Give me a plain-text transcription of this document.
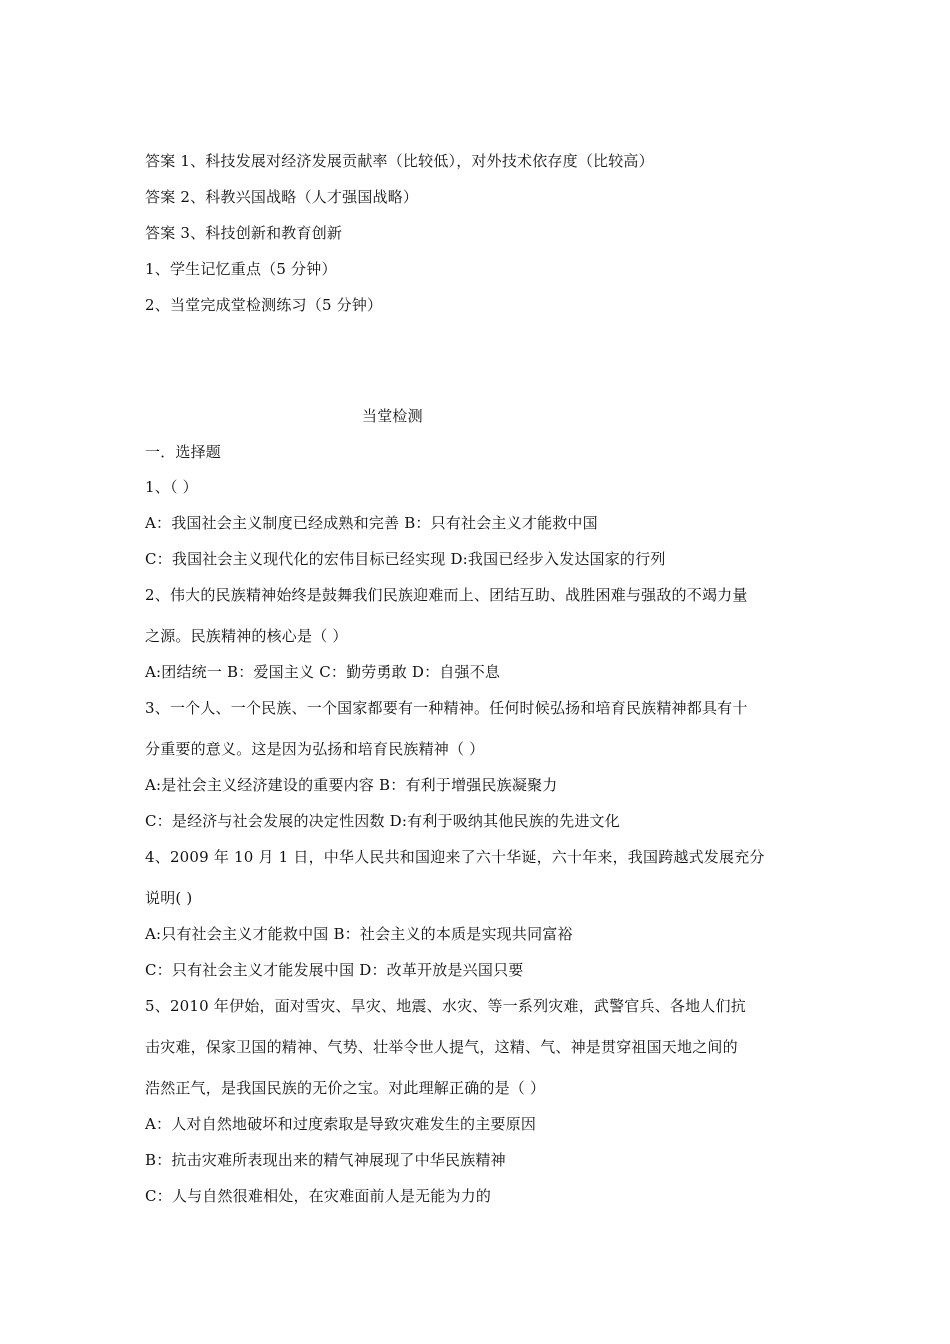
答案 1、科技发展对经济发展贡献率（比较低），对外技术依存度（比较高）
答案 2、科教兴国战略（人才强国战略）
答案 3、科技创新和教育创新
1、学生记忆重点（5 分钟）
2、当堂完成堂检测练习（5 分钟）
当堂检测
一．选择题
1、（ ）
A：我国社会主义制度已经成熟和完善 B：只有社会主义才能救中国
C：我国社会主义现代化的宏伟目标已经实现 D:我国已经步入发达国家的行列
2、伟大的民族精神始终是鼓舞我们民族迎难而上、团结互助、战胜困难与强敌的不竭力量
之源。民族精神的核心是（ ）
A:团结统一 B：爱国主义 C：勤劳勇敢 D：自强不息
3、一个人、一个民族、一个国家都要有一种精神。任何时候弘扬和培育民族精神都具有十
分重要的意义。这是因为弘扬和培育民族精神（ ）
A:是社会主义经济建设的重要内容 B：有利于增强民族凝聚力
C：是经济与社会发展的决定性因数 D:有利于吸纳其他民族的先进文化
4、2009 年 10 月 1 日，中华人民共和国迎来了六十华诞，六十年来，我国跨越式发展充分
说明( )
A:只有社会主义才能救中国 B：社会主义的本质是实现共同富裕
C：只有社会主义才能发展中国 D：改革开放是兴国只要
5、2010 年伊始，面对雪灾、旱灾、地震、水灾、等一系列灾难，武警官兵、各地人们抗
击灾难，保家卫国的精神、气势、壮举令世人提气，这精、气、神是贯穿祖国天地之间的
浩然正气，是我国民族的无价之宝。对此理解正确的是（ ）
A：人对自然地破坏和过度索取是导致灾难发生的主要原因
B：抗击灾难所表现出来的精气神展现了中华民族精神
C：人与自然很难相处，在灾难面前人是无能为力的
